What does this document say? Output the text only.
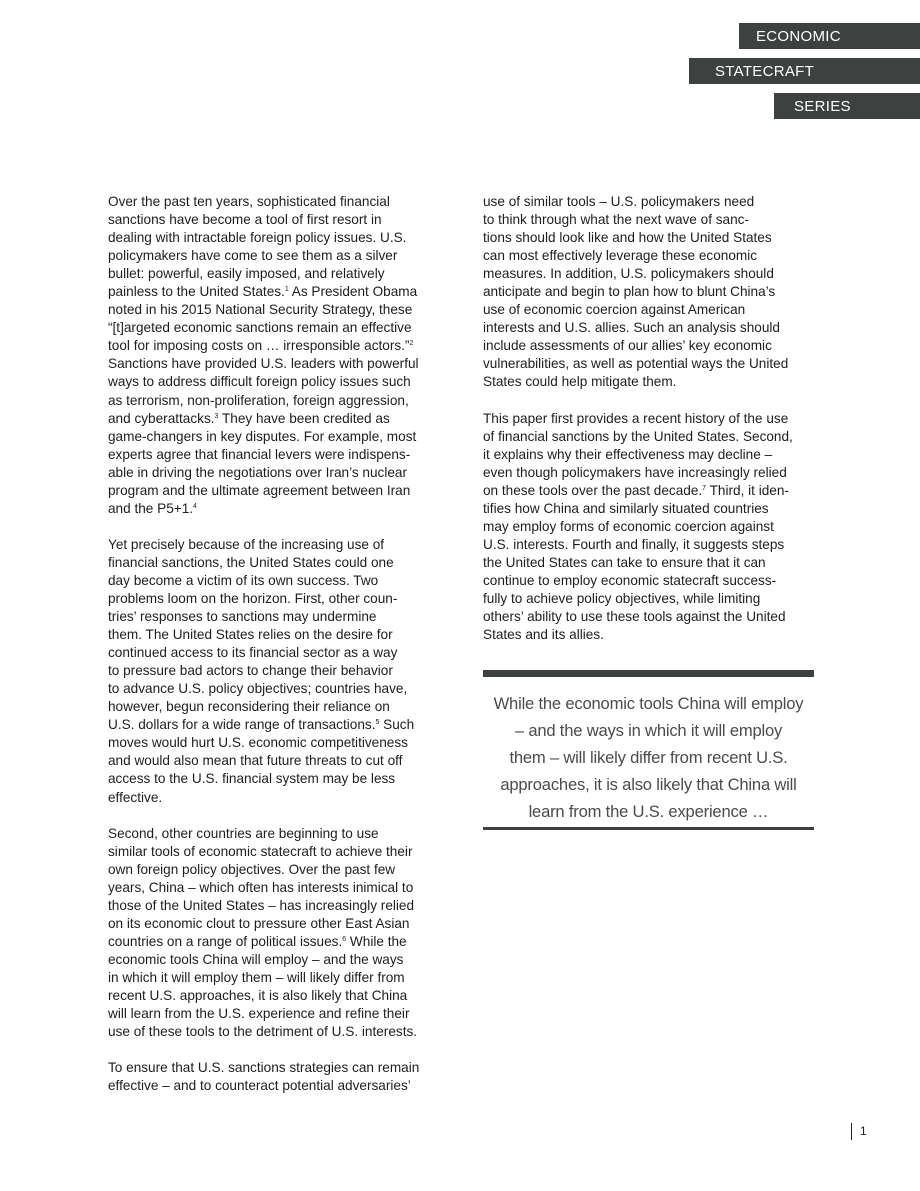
ECONOMIC
STATECRAFT
SERIES
Over the past ten years, sophisticated financial
sanctions have become a tool of first resort in
dealing with intractable foreign policy issues. U.S.
policymakers have come to see them as a silver
bullet: powerful, easily imposed, and relatively
painless to the United States.$^1$ As President Obama
noted in his 2015 National Security Strategy, these
“[t]argeted economic sanctions remain an effective
tool for imposing costs on … irresponsible actors.”$^2$
Sanctions have provided U.S. leaders with powerful
ways to address difficult foreign policy issues such
as terrorism, non-proliferation, foreign aggression,
and cyberattacks.$^3$ They have been credited as
game-changers in key disputes. For example, most
experts agree that financial levers were indispens-
able in driving the negotiations over Iran’s nuclear
program and the ultimate agreement between Iran
and the P5+1.$^4$
Yet precisely because of the increasing use of
financial sanctions, the United States could one
day become a victim of its own success. Two
problems loom on the horizon. First, other coun-
tries’ responses to sanctions may undermine
them. The United States relies on the desire for
continued access to its financial sector as a way
to pressure bad actors to change their behavior
to advance U.S. policy objectives; countries have,
however, begun reconsidering their reliance on
U.S. dollars for a wide range of transactions.$^5$ Such
moves would hurt U.S. economic competitiveness
and would also mean that future threats to cut off
access to the U.S. financial system may be less
effective.
Second, other countries are beginning to use
similar tools of economic statecraft to achieve their
own foreign policy objectives. Over the past few
years, China – which often has interests inimical to
those of the United States – has increasingly relied
on its economic clout to pressure other East Asian
countries on a range of political issues.$^6$ While the
economic tools China will employ – and the ways
in which it will employ them – will likely differ from
recent U.S. approaches, it is also likely that China
will learn from the U.S. experience and refine their
use of these tools to the detriment of U.S. interests.
To ensure that U.S. sanctions strategies can remain
effective – and to counteract potential adversaries’
use of similar tools – U.S. policymakers need
to think through what the next wave of sanc-
tions should look like and how the United States
can most effectively leverage these economic
measures. In addition, U.S. policymakers should
anticipate and begin to plan how to blunt China’s
use of economic coercion against American
interests and U.S. allies. Such an analysis should
include assessments of our allies’ key economic
vulnerabilities, as well as potential ways the United
States could help mitigate them.
This paper first provides a recent history of the use
of financial sanctions by the United States. Second,
it explains why their effectiveness may decline –
even though policymakers have increasingly relied
on these tools over the past decade.$^7$ Third, it iden-
tifies how China and similarly situated countries
may employ forms of economic coercion against
U.S. interests. Fourth and finally, it suggests steps
the United States can take to ensure that it can
continue to employ economic statecraft success-
fully to achieve policy objectives, while limiting
others’ ability to use these tools against the United
States and its allies.
While the economic tools China will employ
– and the ways in which it will employ
them – will likely differ from recent U.S.
approaches, it is also likely that China will
learn from the U.S. experience …
1
